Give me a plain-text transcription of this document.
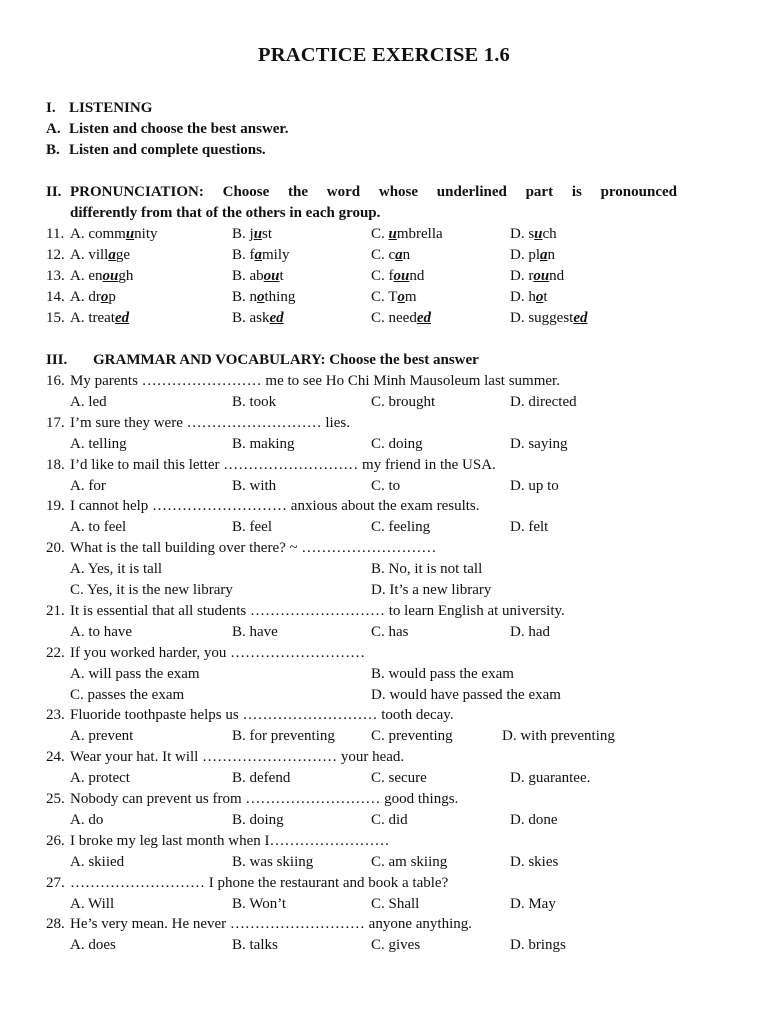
PRACTICE EXERCISE 1.6
I. LISTENING
A. Listen and choose the best answer.
B. Listen and complete questions.
II. PRONUNCIATION: Choose the word whose underlined part is pronounced
differently from that of the others in each group.
11. A. community	B. just	C. umbrella	D. such
12. A. village	B. family	C. can	D. plan
13. A. enough	B. about	C. found	D. round
14. A. drop	B. nothing	C. Tom	D. hot
15. A. treated	B. asked	C. needed	D. suggested
III. GRAMMAR AND VOCABULARY: Choose the best answer
16. My parents …………………… me to see Ho Chi Minh Mausoleum last summer.
A. led	B. took	C. brought	D. directed
17. I’m sure they were ……………………… lies.
A. telling	B. making	C. doing	D. saying
18. I’d like to mail this letter ……………………… my friend in the USA.
A. for	B. with	C. to	D. up to
19. I cannot help ……………………… anxious about the exam results.
A. to feel	B. feel	C. feeling	D. felt
20. What is the tall building over there? ~ ………………………
A. Yes, it is tall	B. No, it is not tall
C. Yes, it is the new library	D. It’s a new library
21. It is essential that all students ……………………… to learn English at university.
A. to have	B. have	C. has	D. had
22. If you worked harder, you ………………………
A. will pass the exam	B. would pass the exam
C. passes the exam	D. would have passed the exam
23. Fluoride toothpaste helps us ……………………… tooth decay.
A. prevent	B. for preventing C. preventing	D. with preventing
24. Wear your hat. It will ……………………… your head.
A. protect	B. defend	C. secure	D. guarantee.
25. Nobody can prevent us from ……………………… good things.
A. do	B. doing	C. did	D. done
26. I broke my leg last month when I……………………
A. skiied	B. was skiing	C. am skiing	D. skies
27. ……………………… I phone the restaurant and book a table?
A. Will	B. Won’t	C. Shall	D. May
28. He’s very mean. He never ……………………… anyone anything.
A. does	B. talks	C. gives	D. brings
